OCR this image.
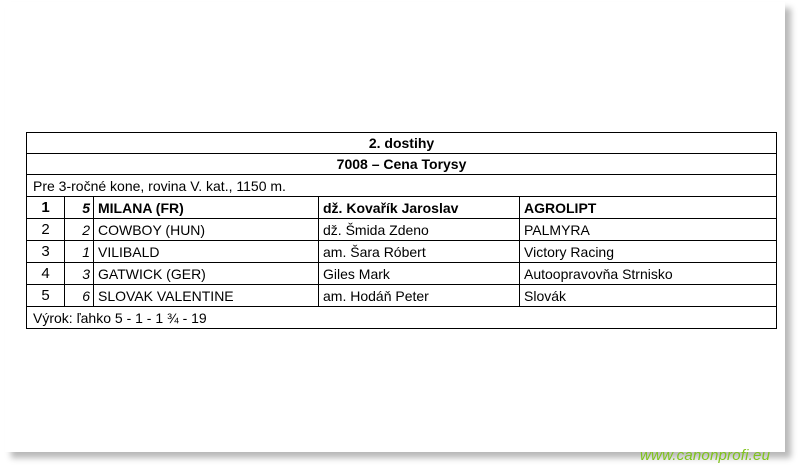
2. dostihy				
7008 – Cena Torysy				
Pre 3-ročné kone, rovina V. kat., 1150 m.				
1	5	MILANA (FR)	dž. Kovařík Jaroslav	AGROLIPT
2	2	COWBOY (HUN)	dž. Šmida Zdeno	PALMYRA
3	1	VILIBALD	am. Šara Róbert	Victory Racing
4	3	GATWICK (GER)	Giles Mark	Autoopravovňa Strnisko
5	6	SLOVAK VALENTINE	am. Hodáň Peter	Slovák
Výrok: ľahko 5 - 1 - 1 ¾ - 19				
www.canonprofi.eu
